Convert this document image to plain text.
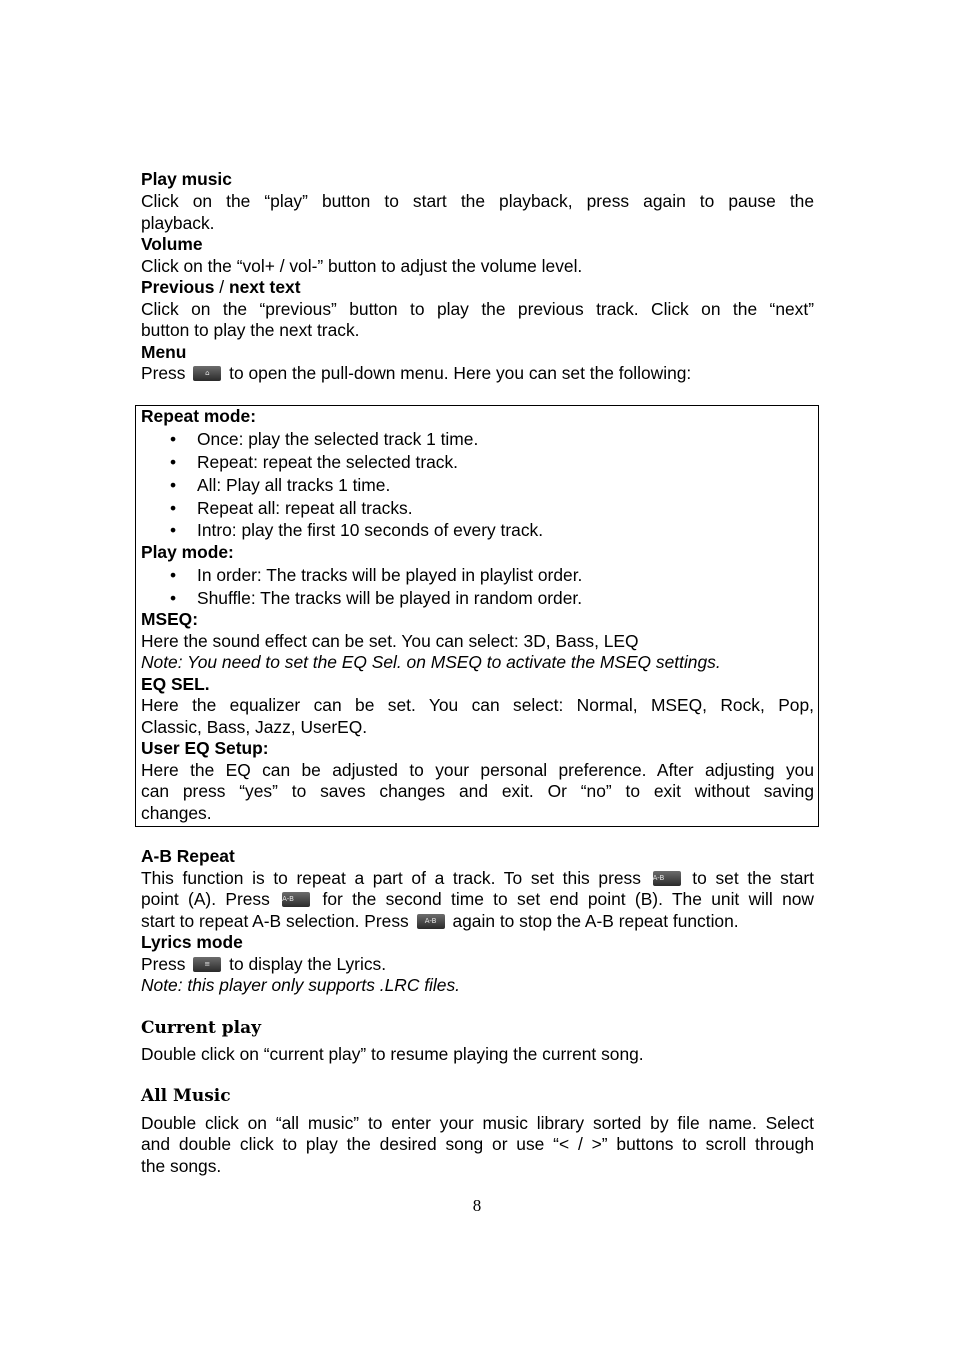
Play music
Click on the “play” button to start the playback, press again to pause the
playback.
Volume
Click on the “vol+ / vol-” button to adjust the volume level.
Previous / next text
Click on the “previous” button to play the previous track. Click on the “next”
button to play the next track.
Menu
Press	⌂	to open the pull-down menu. Here you can set the following:
Repeat mode:
• Once: play the selected track 1 time.
• Repeat: repeat the selected track.
• All: Play all tracks 1 time.
• Repeat all: repeat all tracks.
• Intro: play the first 10 seconds of every track.
Play mode:
• In order: The tracks will be played in playlist order.
• Shuffle: The tracks will be played in random order.
MSEQ:
Here the sound effect can be set. You can select: 3D, Bass, LEQ
Note: You need to set the EQ Sel. on MSEQ to activate the MSEQ settings.
EQ SEL.
Here the equalizer can be set. You can select: Normal, MSEQ, Rock, Pop,
Classic, Bass, Jazz, UserEQ.
User EQ Setup:
Here the EQ can be adjusted to your personal preference. After adjusting you
can press “yes” to saves changes and exit. Or “no” to exit without saving
changes.
A-B Repeat
This function is to repeat a part of a track. To set this press A-B	to set the start
point (A). Press A-B	for the second time to set end point (B). The unit will now
start to repeat A-B selection. Press	A-B again to stop the A-B repeat function.
Lyrics mode
Press	≡	to display the Lyrics.
Note: this player only supports .LRC files.
Current play
Double click on “current play” to resume playing the current song.
All Music
Double click on “all music” to enter your music library sorted by file name. Select
and double click to play the desired song or use “< / >” buttons to scroll through
the songs.
8
